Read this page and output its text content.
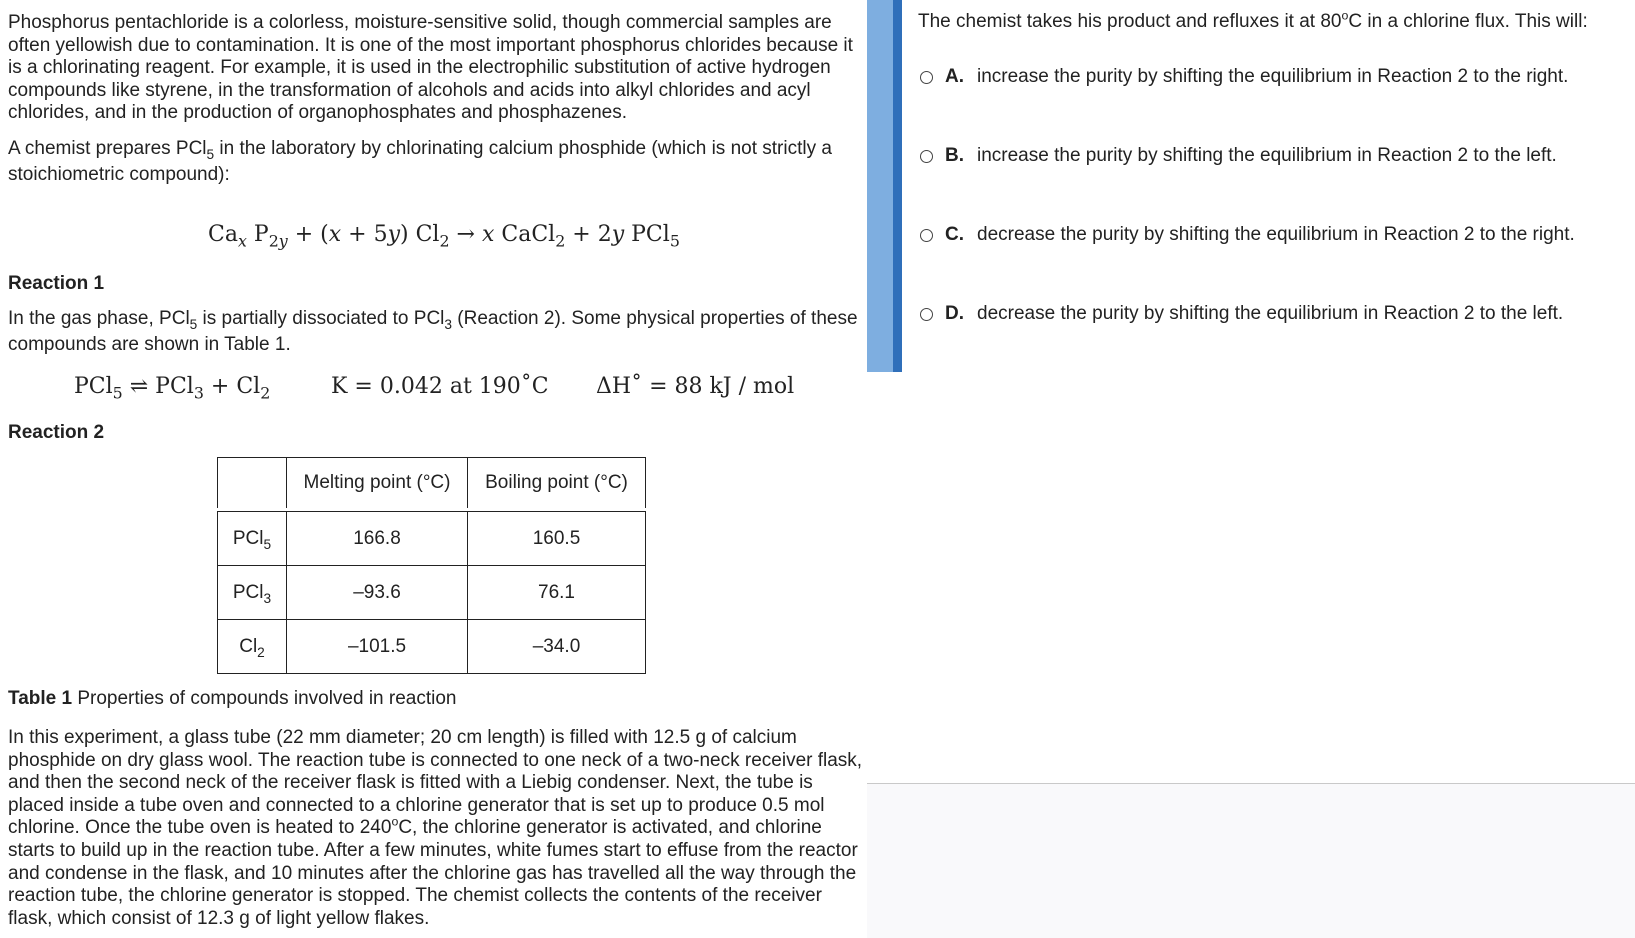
Phosphorus pentachloride is a colorless, moisture-sensitive solid, though commercial samples are often yellowish due to contamination. It is one of the most important phosphorus chlorides because it is a chlorinating reagent. For example, it is used in the electrophilic substitution of active hydrogen compounds like styrene, in the transformation of alcohols and acids into alkyl chlorides and acyl chlorides, and in the production of organophosphates and phosphazenes.
A chemist prepares PCl$_5$ in the laboratory by chlorinating calcium phosphide (which is not strictly a stoichiometric compound):
$Ca_x$ $P_{2y} + (x + 5y) Cl_2 \to x$ CaCl$_2$ + 2y PCl$_5$
Reaction 1
In the gas phase, PCl$_5$ is partially dissociated to PCl$_3$ (Reaction 2). Some physical properties of these compounds are shown in Table 1.
PCl$_5$ ⇌ $PCl_3 + Cl_2$	K = 0.042 at 190˚C ΔH˚ = 88 kJ / mol
Reaction 2
	Melting point (°C)	Boiling point (°C)

PCl$_5$	166.8	160.5
PCl$_3$	–93.6	76.1
$Cl_2$	–101.5	–34.0
Table 1 Properties of compounds involved in reaction
In this experiment, a glass tube (22 mm diameter; 20 cm length) is filled with 12.5 g of calcium phosphide on dry glass wool. The reaction tube is connected to one neck of a two-neck receiver flask, and then the second neck of the receiver flask is fitted with a Liebig condenser. Next, the tube is placed inside a tube oven and connected to a chlorine generator that is set up to produce 0.5 mol chlorine. Once the tube oven is heated to 240$^o$C, the chlorine generator is activated, and chlorine starts to build up in the reaction tube. After a few minutes, white fumes start to effuse from the reactor and condense in the flask, and 10 minutes after the chlorine gas has travelled all the way through the reaction tube, the chlorine generator is stopped. The chemist collects the contents of the receiver flask, which consist of 12.3 g of light yellow flakes.
The chemist takes his product and refluxes it at 80$^o$C in a chlorine flux. This will:
A. increase the purity by shifting the equilibrium in Reaction 2 to the right.
B. increase the purity by shifting the equilibrium in Reaction 2 to the left.
C. decrease the purity by shifting the equilibrium in Reaction 2 to the right.
D. decrease the purity by shifting the equilibrium in Reaction 2 to the left.
